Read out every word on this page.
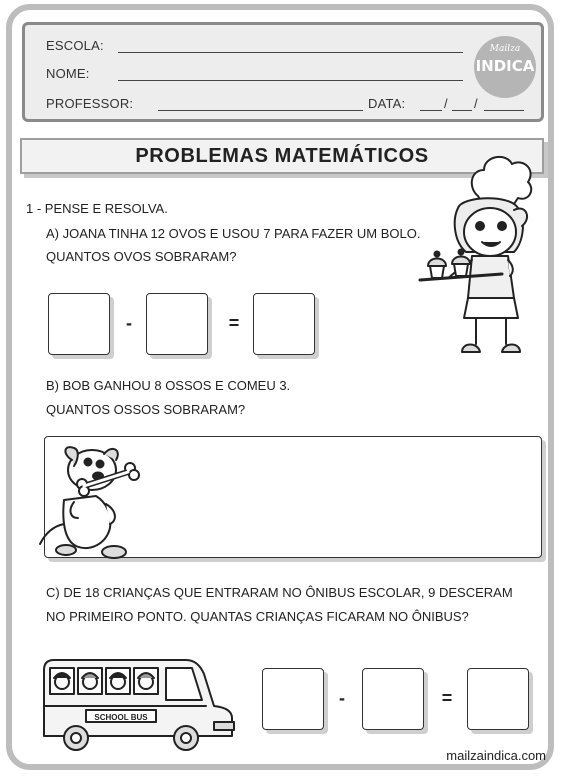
ESCOLA:
NOME:
PROFESSOR:	DATA:	/ /
Mailza
INDICA
PROBLEMAS MATEMÁTICOS
1 - PENSE E RESOLVA.
A) JOANA TINHA 12 OVOS E USOU 7 PARA FAZER UM BOLO.
QUANTOS OVOS SOBRARAM?
-	=
B) BOB GANHOU 8 OSSOS E COMEU 3.
QUANTOS OSSOS SOBRARAM?
C) DE 18 CRIANÇAS QUE ENTRARAM NO ÔNIBUS ESCOLAR, 9 DESCERAM
NO PRIMEIRO PONTO. QUANTAS CRIANÇAS FICARAM NO ÔNIBUS?
SCHOOL BUS
-	=
mailzaindica.com
